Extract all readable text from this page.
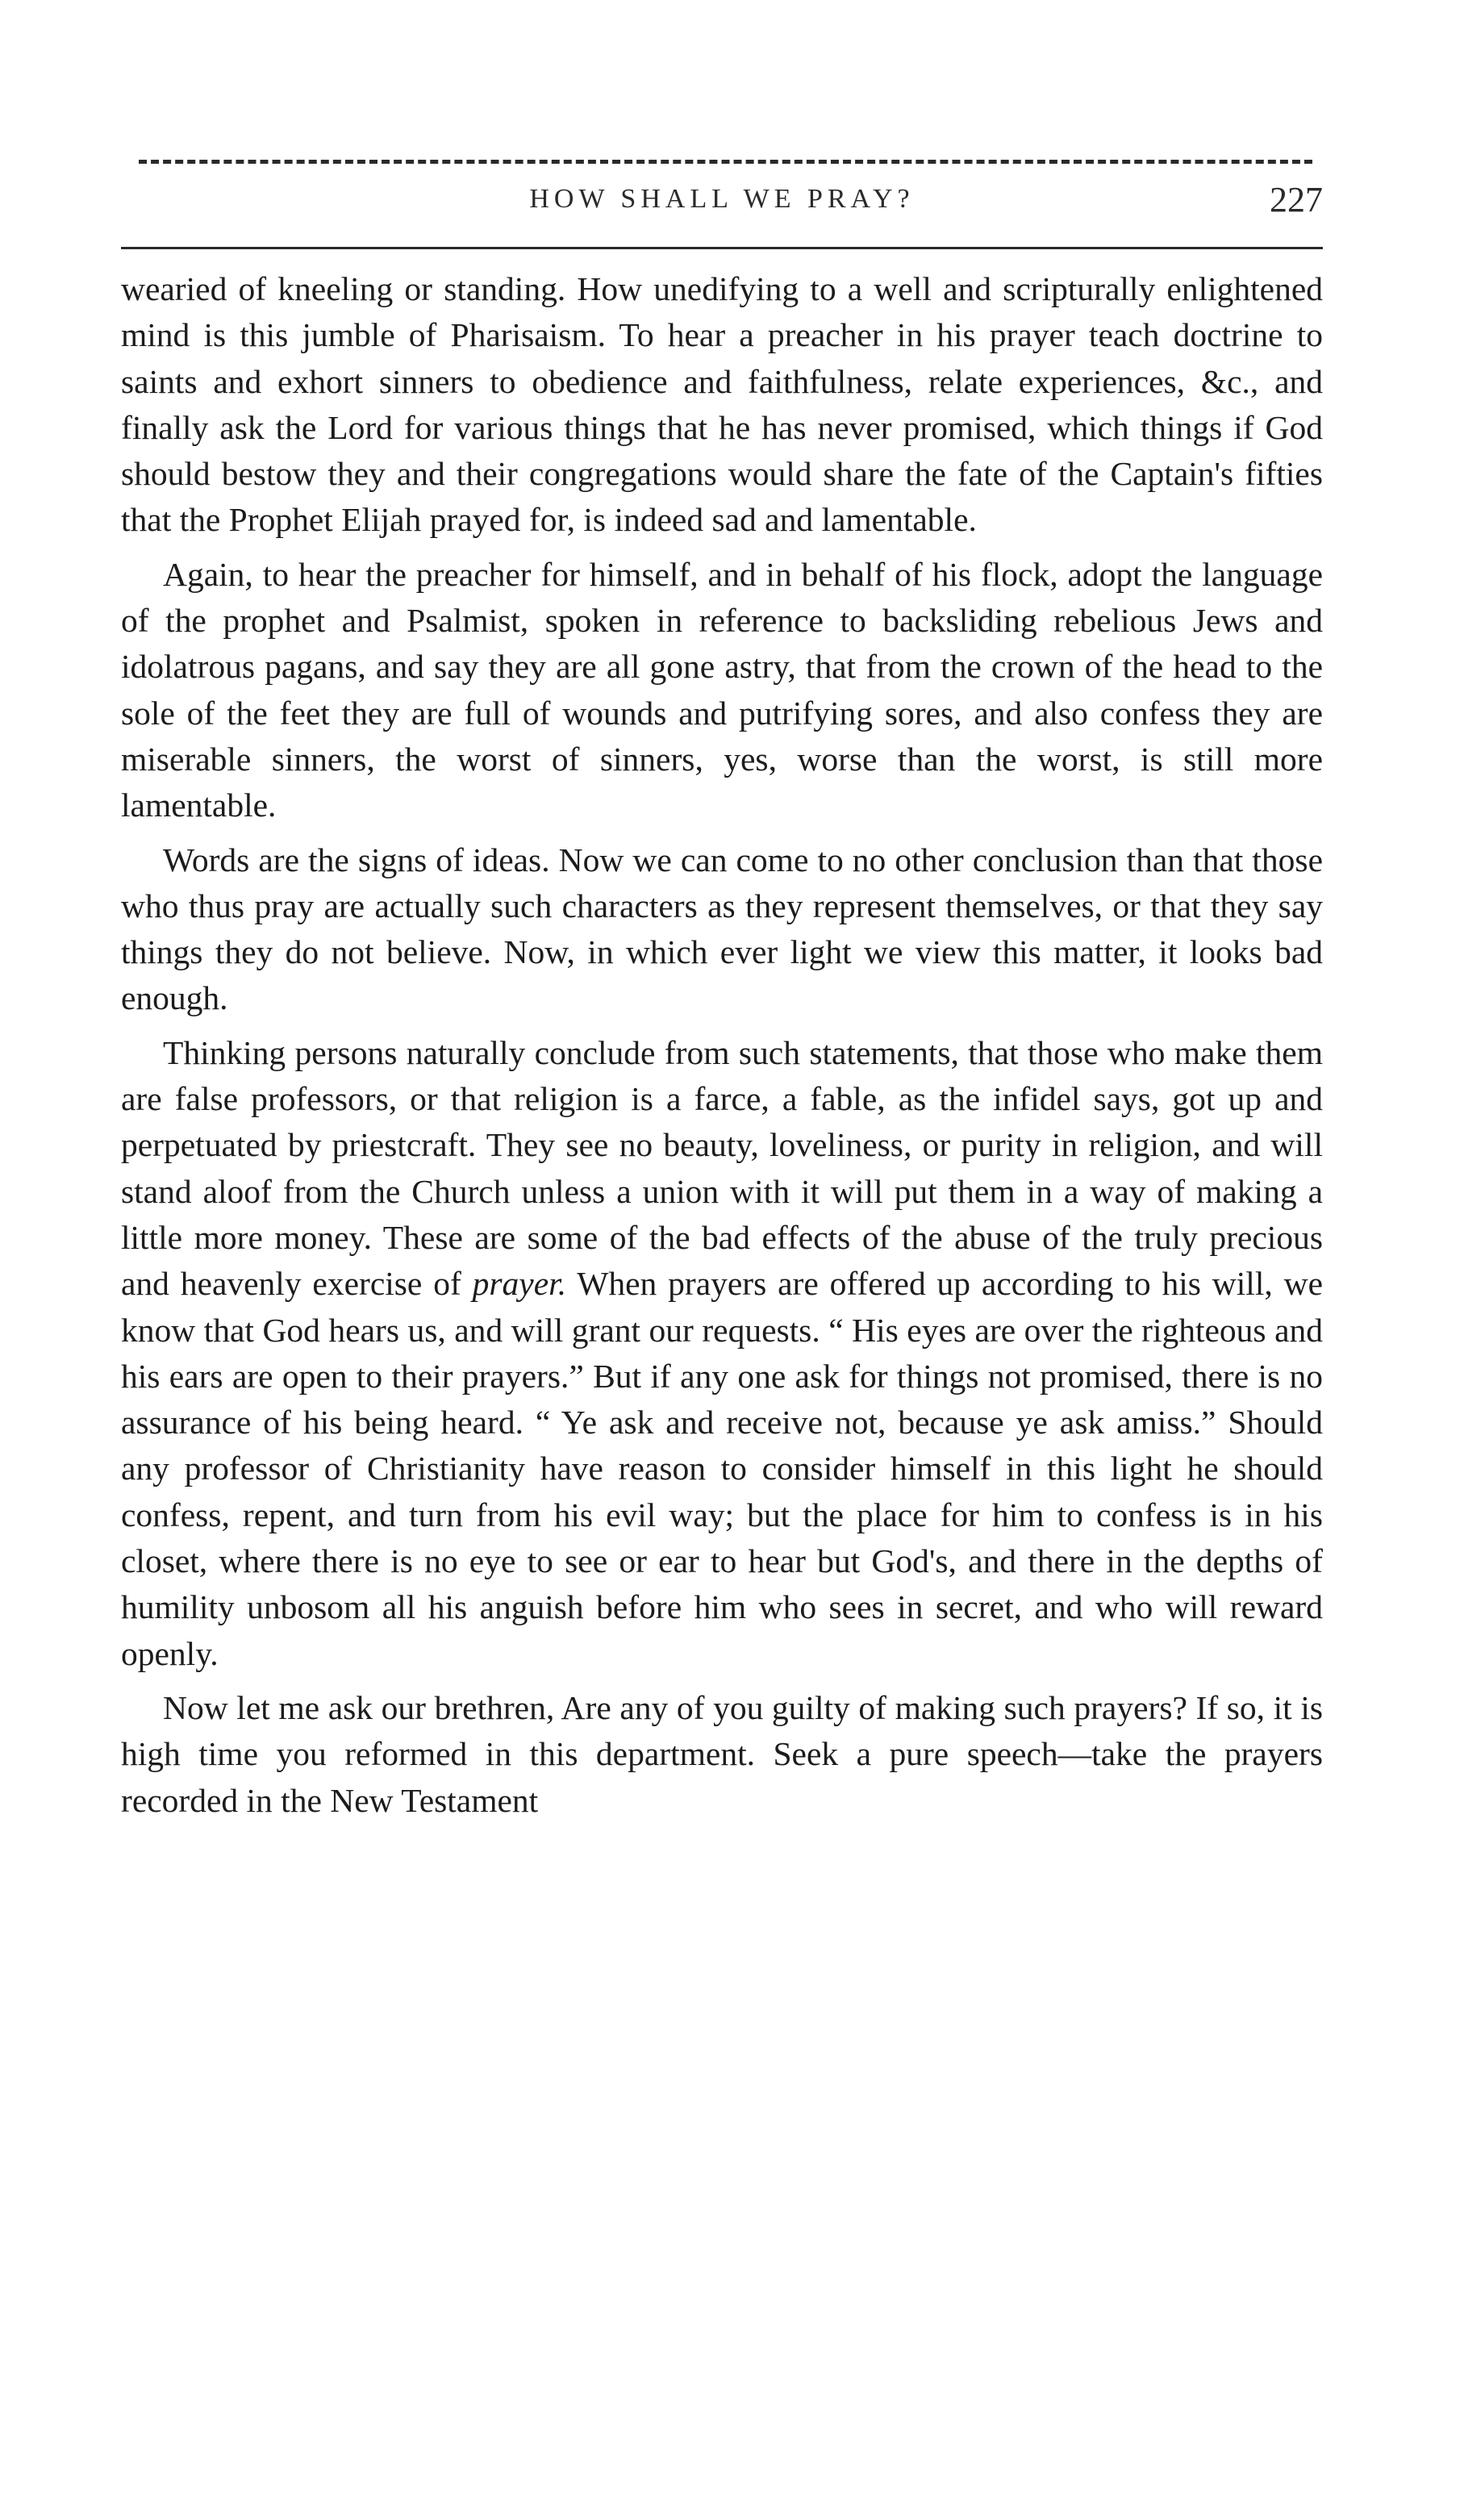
HOW SHALL WE PRAY?	227

wearied of kneeling or standing. How unedifying to a well and scripturally enlightened mind is this jumble of Pharisaism. To hear a preacher in his prayer teach doctrine to saints and exhort sinners to obedience and faithfulness, relate experiences, &c., and finally ask the Lord for various things that he has never promised, which things if God should bestow they and their congregations would share the fate of the Captain's fifties that the Prophet Elijah prayed for, is indeed sad and lamentable.

Again, to hear the preacher for himself, and in behalf of his flock, adopt the language of the prophet and Psalmist, spoken in reference to backsliding rebelious Jews and idolatrous pagans, and say they are all gone astry, that from the crown of the head to the sole of the feet they are full of wounds and putrifying sores, and also confess they are miserable sinners, the worst of sinners, yes, worse than the worst, is still more lamentable.

Words are the signs of ideas. Now we can come to no other conclusion than that those who thus pray are actually such characters as they represent themselves, or that they say things they do not believe. Now, in which ever light we view this matter, it looks bad enough.

Thinking persons naturally conclude from such statements, that those who make them are false professors, or that religion is a farce, a fable, as the infidel says, got up and perpetuated by priestcraft. They see no beauty, loveliness, or purity in religion, and will stand aloof from the Church unless a union with it will put them in a way of making a little more money. These are some of the bad effects of the abuse of the truly precious and heavenly exercise of prayer. When prayers are offered up according to his will, we know that God hears us, and will grant our requests. “ His eyes are over the righteous and his ears are open to their prayers.” But if any one ask for things not promised, there is no assurance of his being heard. “ Ye ask and receive not, because ye ask amiss.” Should any professor of Christianity have reason to consider himself in this light he should confess, repent, and turn from his evil way; but the place for him to confess is in his closet, where there is no eye to see or ear to hear but God's, and there in the depths of humility unbosom all his anguish before him who sees in secret, and who will reward openly.

Now let me ask our brethren, Are any of you guilty of making such prayers? If so, it is high time you reformed in this department. Seek a pure speech—take the prayers recorded in the New Testament
